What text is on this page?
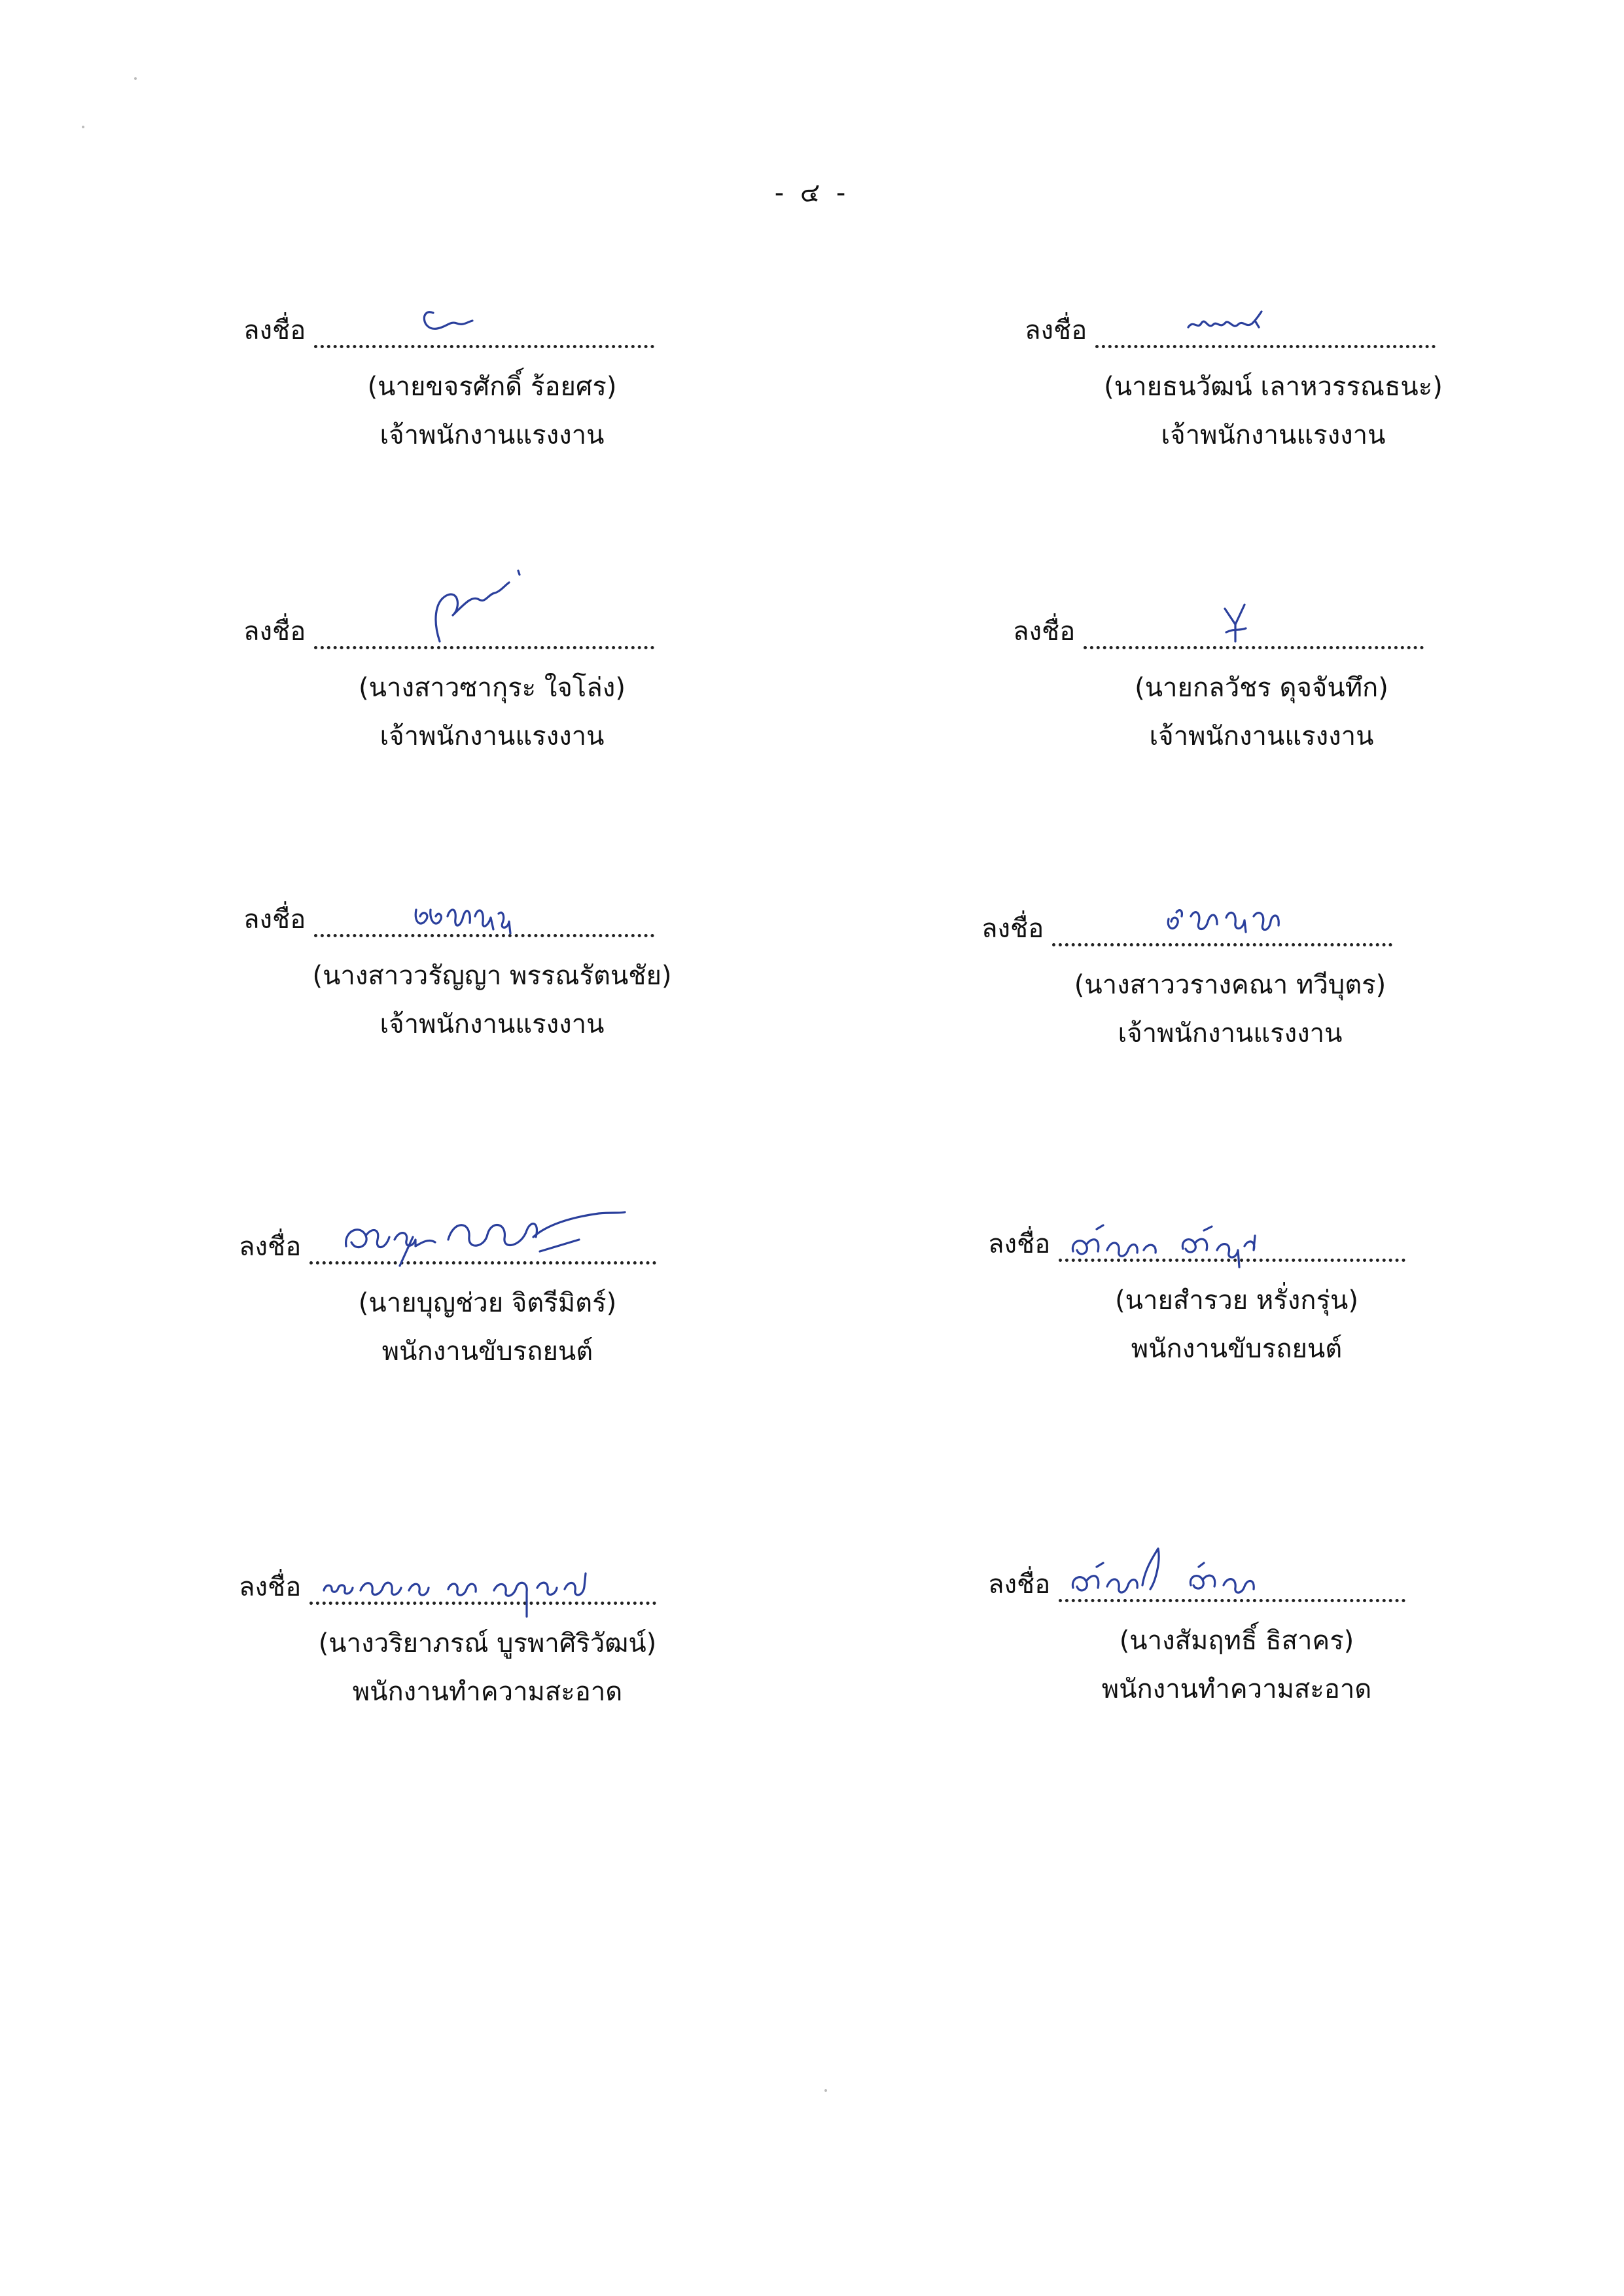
- ๔ -
ลงชื่อ
(นายขจรศักดิ์ ร้อยศร)
เจ้าพนักงานแรงงาน
ลงชื่อ
(นายธนวัฒน์ เลาหวรรณธนะ)
เจ้าพนักงานแรงงาน
ลงชื่อ
(นางสาวซากุระ ใจโล่ง)
เจ้าพนักงานแรงงาน
ลงชื่อ
(นายกลวัชร ดุจจันทึก)
เจ้าพนักงานแรงงาน
ลงชื่อ
(นางสาววรัญญา พรรณรัตนชัย)
เจ้าพนักงานแรงงาน
ลงชื่อ
(นางสาววรางคณา ทวีบุตร)
เจ้าพนักงานแรงงาน
ลงชื่อ
(นายบุญช่วย จิตรีมิตร์)
พนักงานขับรถยนต์
ลงชื่อ
(นายสำรวย หรั่งกรุ่น)
พนักงานขับรถยนต์
ลงชื่อ
(นางวริยาภรณ์ บูรพาศิริวัฒน์)
พนักงานทำความสะอาด
ลงชื่อ
(นางสัมฤทธิ์ ธิสาคร)
พนักงานทำความสะอาด
